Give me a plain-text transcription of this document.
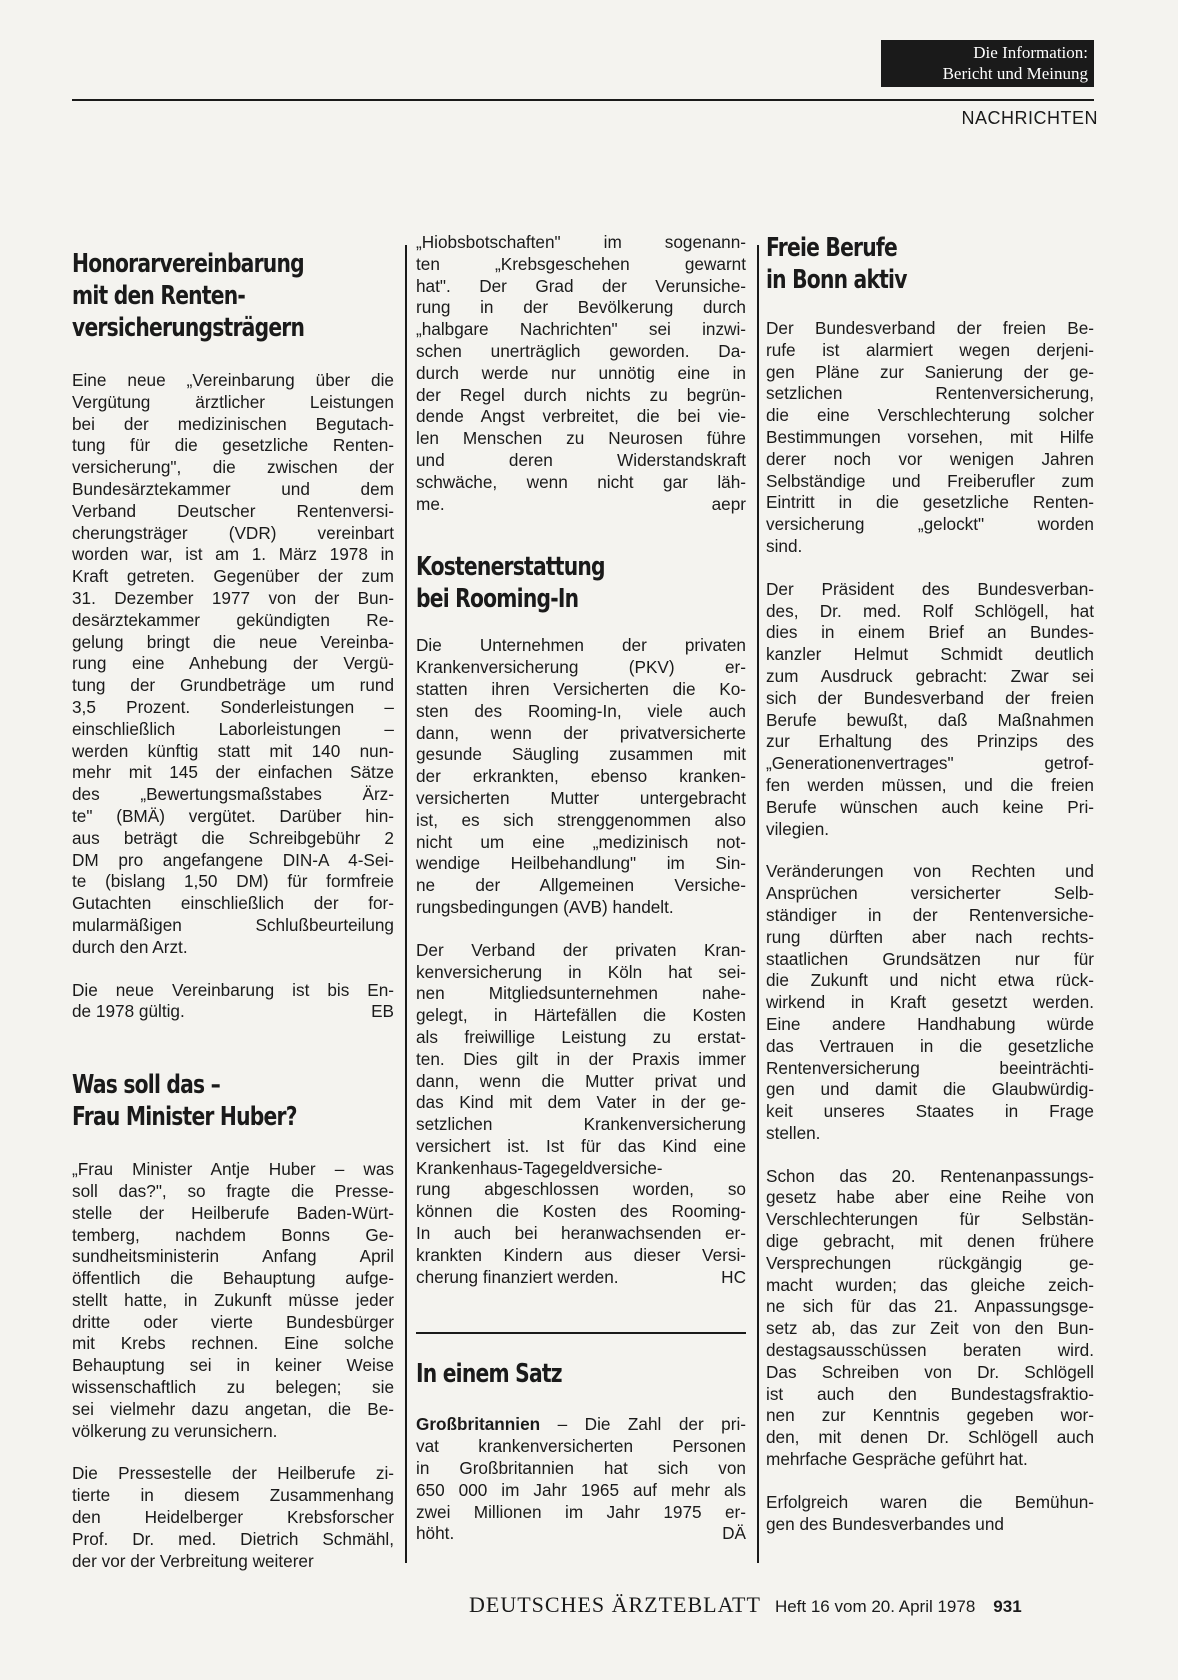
Die Information:
Bericht und Meinung
NACHRICHTEN
Honorarvereinbarung
mit den Renten-
versicherungsträgern
Eine neue „Vereinbarung über die
Vergütung ärztlicher Leistungen
bei der medizinischen Begutach-
tung für die gesetzliche Renten-
versicherung", die zwischen der
Bundesärztekammer und dem
Verband Deutscher Rentenversi-
cherungsträger (VDR) vereinbart
worden war, ist am 1. März 1978 in
Kraft getreten. Gegenüber der zum
31. Dezember 1977 von der Bun-
desärztekammer gekündigten Re-
gelung bringt die neue Vereinba-
rung eine Anhebung der Vergü-
tung der Grundbeträge um rund
3,5 Prozent. Sonderleistungen –
einschließlich Laborleistungen –
werden künftig statt mit 140 nun-
mehr mit 145 der einfachen Sätze
des „Bewertungsmaßstabes Ärz-
te" (BMÄ) vergütet. Darüber hin-
aus beträgt die Schreibgebühr 2
DM pro angefangene DIN-A 4-Sei-
te (bislang 1,50 DM) für formfreie
Gutachten einschließlich der for-
mularmäßigen Schlußbeurteilung
durch den Arzt.
Die neue Vereinbarung ist bis En-
de 1978 gültig.	EB
Was soll das –
Frau Minister Huber?
„Frau Minister Antje Huber – was
soll das?", so fragte die Presse-
stelle der Heilberufe Baden-Würt-
temberg, nachdem Bonns Ge-
sundheitsministerin Anfang April
öffentlich die Behauptung aufge-
stellt hatte, in Zukunft müsse jeder
dritte oder vierte Bundesbürger
mit Krebs rechnen. Eine solche
Behauptung sei in keiner Weise
wissenschaftlich zu belegen; sie
sei vielmehr dazu angetan, die Be-
völkerung zu verunsichern.
Die Pressestelle der Heilberufe zi-
tierte in diesem Zusammenhang
den Heidelberger Krebsforscher
Prof. Dr. med. Dietrich Schmähl,
der vor der Verbreitung weiterer
„Hiobsbotschaften" im sogenann-
ten „Krebsgeschehen gewarnt
hat". Der Grad der Verunsiche-
rung in der Bevölkerung durch
„halbgare Nachrichten" sei inzwi-
schen unerträglich geworden. Da-
durch werde nur unnötig eine in
der Regel durch nichts zu begrün-
dende Angst verbreitet, die bei vie-
len Menschen zu Neurosen führe
und deren Widerstandskraft
schwäche, wenn nicht gar läh-
me.	aepr
Kostenerstattung
bei Rooming-In
Die Unternehmen der privaten
Krankenversicherung (PKV) er-
statten ihren Versicherten die Ko-
sten des Rooming-In, viele auch
dann, wenn der privatversicherte
gesunde Säugling zusammen mit
der erkrankten, ebenso kranken-
versicherten Mutter untergebracht
ist, es sich strenggenommen also
nicht um eine „medizinisch not-
wendige Heilbehandlung" im Sin-
ne der Allgemeinen Versiche-
rungsbedingungen (AVB) handelt.
Der Verband der privaten Kran-
kenversicherung in Köln hat sei-
nen Mitgliedsunternehmen nahe-
gelegt, in Härtefällen die Kosten
als freiwillige Leistung zu erstat-
ten. Dies gilt in der Praxis immer
dann, wenn die Mutter privat und
das Kind mit dem Vater in der ge-
setzlichen Krankenversicherung
versichert ist. Ist für das Kind eine
Krankenhaus-Tagegeldversiche-
rung abgeschlossen worden, so
können die Kosten des Rooming-
In auch bei heranwachsenden er-
krankten Kindern aus dieser Versi-
cherung finanziert werden.	HC
In einem Satz
Großbritannien – Die Zahl der pri-
vat krankenversicherten Personen
in Großbritannien hat sich von
650 000 im Jahr 1965 auf mehr als
zwei Millionen im Jahr 1975 er-
höht.	DÄ
Freie Berufe
in Bonn aktiv
Der Bundesverband der freien Be-
rufe ist alarmiert wegen derjeni-
gen Pläne zur Sanierung der ge-
setzlichen Rentenversicherung,
die eine Verschlechterung solcher
Bestimmungen vorsehen, mit Hilfe
derer noch vor wenigen Jahren
Selbständige und Freiberufler zum
Eintritt in die gesetzliche Renten-
versicherung „gelockt" worden
sind.
Der Präsident des Bundesverban-
des, Dr. med. Rolf Schlögell, hat
dies in einem Brief an Bundes-
kanzler Helmut Schmidt deutlich
zum Ausdruck gebracht: Zwar sei
sich der Bundesverband der freien
Berufe bewußt, daß Maßnahmen
zur Erhaltung des Prinzips des
„Generationenvertrages" getrof-
fen werden müssen, und die freien
Berufe wünschen auch keine Pri-
vilegien.
Veränderungen von Rechten und
Ansprüchen versicherter Selb-
ständiger in der Rentenversiche-
rung dürften aber nach rechts-
staatlichen Grundsätzen nur für
die Zukunft und nicht etwa rück-
wirkend in Kraft gesetzt werden.
Eine andere Handhabung würde
das Vertrauen in die gesetzliche
Rentenversicherung beeinträchti-
gen und damit die Glaubwürdig-
keit unseres Staates in Frage
stellen.
Schon das 20. Rentenanpassungs-
gesetz habe aber eine Reihe von
Verschlechterungen für Selbstän-
dige gebracht, mit denen frühere
Versprechungen rückgängig ge-
macht wurden; das gleiche zeich-
ne sich für das 21. Anpassungsge-
setz ab, das zur Zeit von den Bun-
destagsausschüssen beraten wird.
Das Schreiben von Dr. Schlögell
ist auch den Bundestagsfraktio-
nen zur Kenntnis gegeben wor-
den, mit denen Dr. Schlögell auch
mehrfache Gespräche geführt hat.
Erfolgreich waren die Bemühun-
gen des Bundesverbandes und
DEUTSCHES ÄRZTEBLATT Heft 16 vom 20. April 1978 931
